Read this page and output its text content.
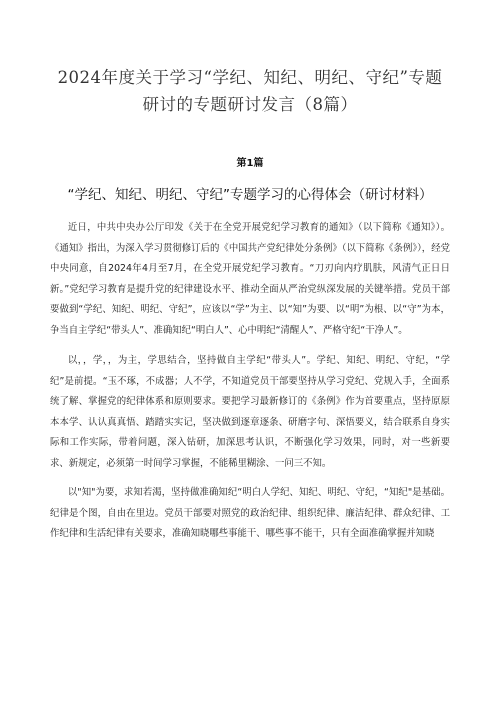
2024年度关于学习“学纪、知纪、明纪、守纪”专题研讨的专题研讨发言（8篇）
第1篇
“学纪、知纪、明纪、守纪”专题学习的心得体会（研讨材料）

近日，中共中央办公厅印发《关于在全党开展党纪学习教育的通知》（以下简称《通知》）。《通知》指出，为深入学习贯彻修订后的《中国共产党纪律处分条例》（以下简称《条例》），经党中央同意，自2024年4月至7月，在全党开展党纪学习教育。“刀刃向内疗肌肤，风清气正日日新。”党纪学习教育是提升党的纪律建设水平、推动全面从严治党纵深发展的关键举措。党员干部要做到“学纪、知纪、明纪、守纪”，应该以“学”为主、以“知”为要、以“明”为根、以“守”为本，争当自主学纪“带头人”、准确知纪“明白人”、心中明纪“清醒人”、严格守纪“干净人”。

以，，学，，为主，学思结合，坚持做自主学纪“带头人”。学纪、知纪、明纪、守纪，“学纪”是前提。“玉不琢，不成器；人不学，不知道党员干部要坚持从学习党纪、党规入手，全面系统了解、掌握党的纪律体系和原则要求。要把学习最新修订的《条例》作为首要重点，坚持原原本本学、认认真真悟、踏踏实实记，坚决做到逐章逐条、研磨字句、深悟要义，结合联系自身实际和工作实际，带着问题，深入钻研，加深思考认识，不断强化学习效果，同时，对一些新要求、新规定，必须第一时间学习掌握，不能稀里糊涂、一问三不知。

以"知"为要，求知若渴，坚持做准确知纪“明白人学纪、知纪、明纪、守纪，“知纪"是基础。纪律是个图，自由在里边。党员干部要对照党的政治纪律、组织纪律、廉洁纪律、群众纪律、工作纪律和生活纪律有关要求，准确知晓哪些事能干、哪些事不能干，只有全面准确掌握并知晓
